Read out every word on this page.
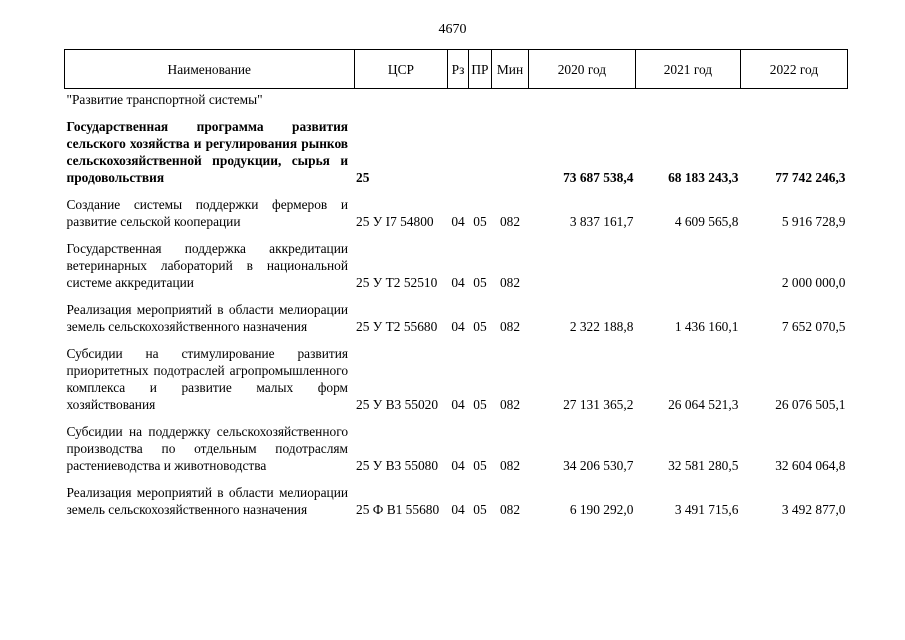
4670
Наименование	ЦСР	Рз	ПР	Мин	2020 год	2021 год	2022 год
"Развитие транспортной системы"							

Государственная программа развития сельского хозяйства и регулирования рынков сельскохозяйственной продукции, сырья и продовольствия	25				73 687 538,4	68 183 243,3	77 742 246,3

Создание системы поддержки фермеров и развитие сельской кооперации	25 У I7 54800	04	05	082	3 837 161,7	4 609 565,8	5 916 728,9

Государственная поддержка аккредитации ветеринарных лабораторий в национальной системе аккредитации	25 У Т2 52510	04	05	082			2 000 000,0

Реализация мероприятий в области мелиорации земель сельскохозяйственного назначения	25 У Т2 55680	04	05	082	2 322 188,8	1 436 160,1	7 652 070,5

Субсидии на стимулирование развития приоритетных подотраслей агропромышленного комплекса и развитие малых форм хозяйствования	25 У В3 55020	04	05	082	27 131 365,2	26 064 521,3	26 076 505,1

Субсидии на поддержку сельскохозяйственного производства по отдельным подотраслям растениеводства и животноводства	25 У В3 55080	04	05	082	34 206 530,7	32 581 280,5	32 604 064,8

Реализация мероприятий в области мелиорации земель сельскохозяйственного назначения	25 Ф В1 55680	04	05	082	6 190 292,0	3 491 715,6	3 492 877,0
